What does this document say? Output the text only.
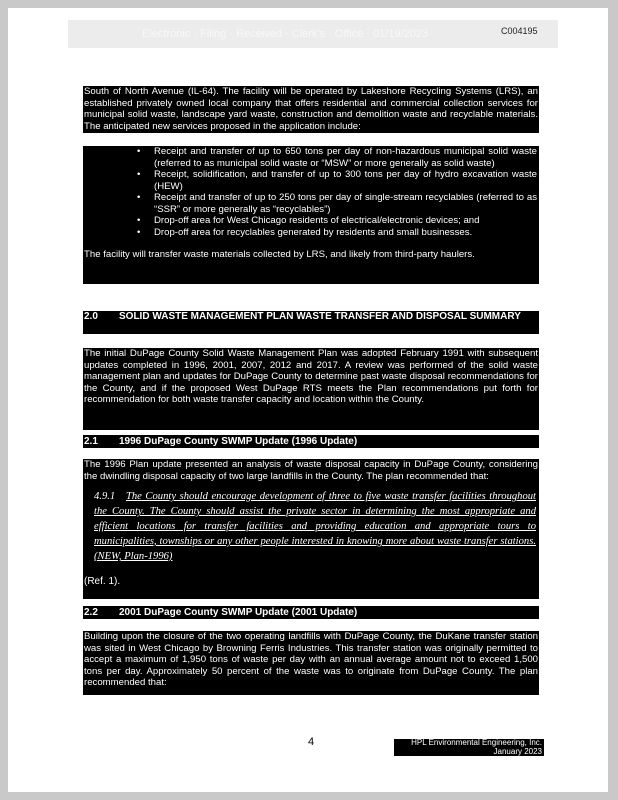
Electronic · Filing · Received · Clerk's · Office · 01/19/2023	C004195

South of North Avenue (IL-64). The facility will be operated by Lakeshore Recycling Systems (LRS), an established privately owned local company that offers residential and commercial collection services for municipal solid waste, landscape yard waste, construction and demolition waste and recyclable materials. The anticipated new services proposed in the application include:

• Receipt and transfer of up to 650 tons per day of non-hazardous municipal solid waste (referred to as municipal solid waste or “MSW” or more generally as solid waste)
• Receipt, solidification, and transfer of up to 300 tons per day of hydro excavation waste (HEW)
• Receipt and transfer of up to 250 tons per day of single-stream recyclables (referred to as “SSR” or more generally as “recyclables”)
• Drop-off area for West Chicago residents of electrical/electronic devices; and
• Drop-off area for recyclables generated by residents and small businesses.

The facility will transfer waste materials collected by LRS, and likely from third-party haulers.

2.0 SOLID WASTE MANAGEMENT PLAN WASTE TRANSFER AND DISPOSAL SUMMARY

The initial DuPage County Solid Waste Management Plan was adopted February 1991 with subsequent updates completed in 1996, 2001, 2007, 2012 and 2017. A review was performed of the solid waste management plan and updates for DuPage County to determine past waste disposal recommendations for the County, and if the proposed West DuPage RTS meets the Plan recommendations put forth for recommendation for both waste transfer capacity and location within the County.

2.1 1996 DuPage County SWMP Update (1996 Update)

The 1996 Plan update presented an analysis of waste disposal capacity in DuPage County, considering the dwindling disposal capacity of two large landfills in the County. The plan recommended that:

4.9.1 The County should encourage development of three to five waste transfer facilities throughout the County. The County should assist the private sector in determining the most appropriate and efficient locations for transfer facilities and providing education and appropriate tours to municipalities, townships or any other people interested in knowing more about waste transfer stations. (NEW, Plan-1996)

(Ref. 1).

2.2 2001 DuPage County SWMP Update (2001 Update)

Building upon the closure of the two operating landfills with DuPage County, the DuKane transfer station was sited in West Chicago by Browning Ferris Industries. This transfer station was originally permitted to accept a maximum of 1,950 tons of waste per day with an annual average amount not to exceed 1,500 tons per day. Approximately 50 percent of the waste was to originate from DuPage County. The plan recommended that:

4	HPL Environmental Engineering, Inc.
January 2023
